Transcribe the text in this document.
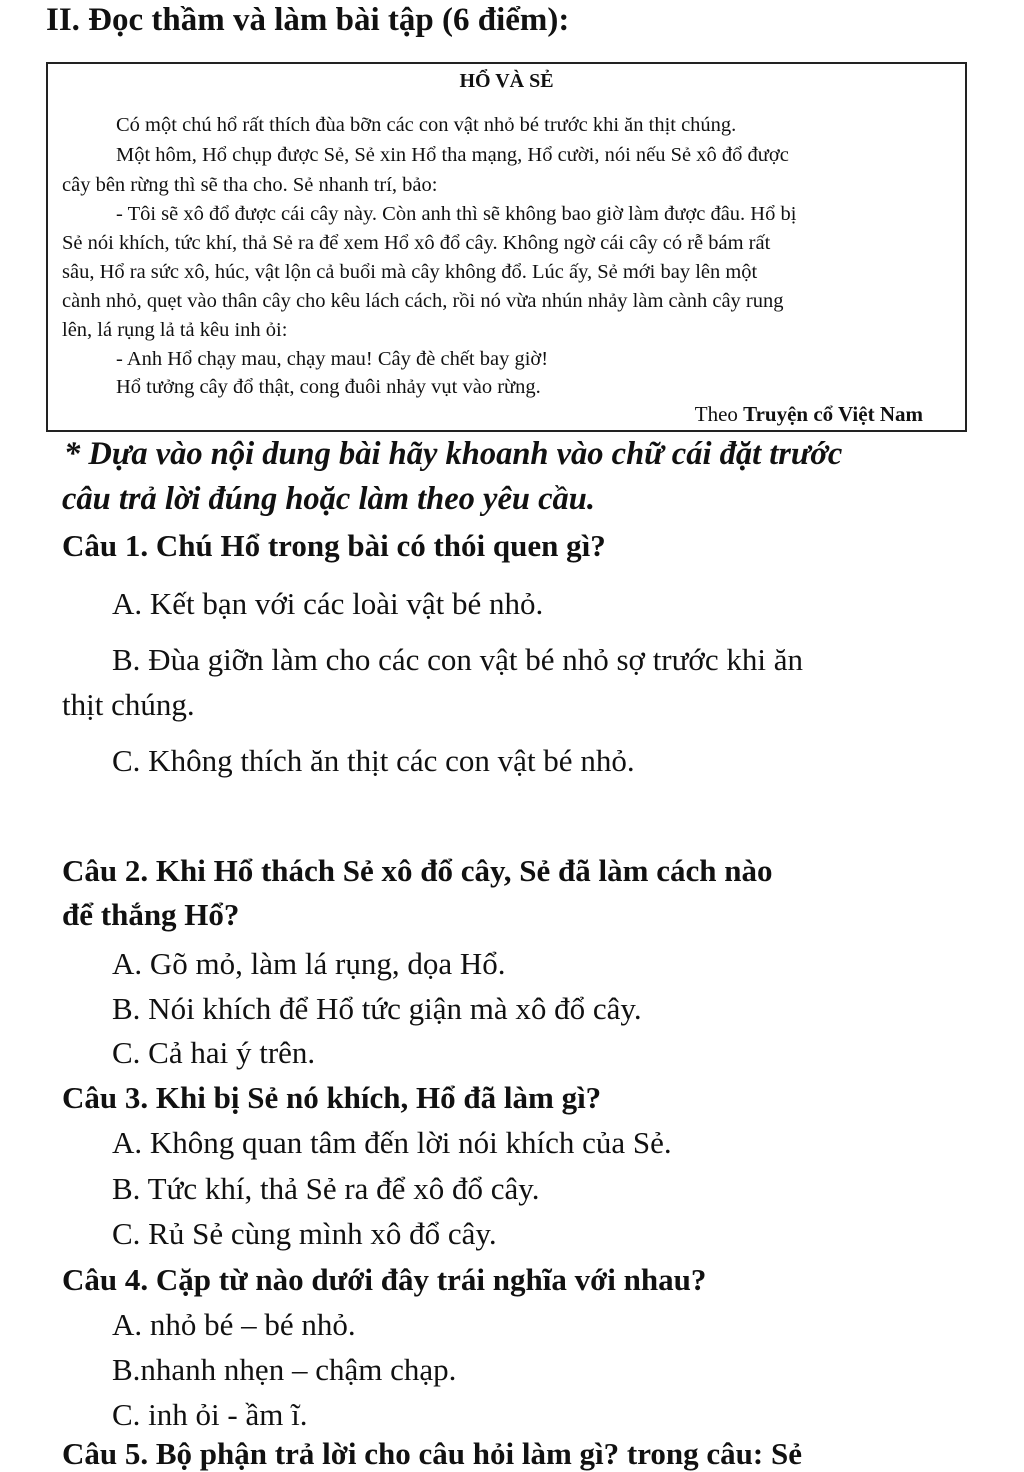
II. Đọc thầm và làm bài tập (6 điểm):
HỔ VÀ SẺ
Có một chú hổ rất thích đùa bỡn các con vật nhỏ bé trước khi ăn thịt chúng.
Một hôm, Hổ chụp được Sẻ, Sẻ xin Hổ tha mạng, Hổ cười, nói nếu Sẻ xô đổ được
cây bên rừng thì sẽ tha cho. Sẻ nhanh trí, bảo:
- Tôi sẽ xô đổ được cái cây này. Còn anh thì sẽ không bao giờ làm được đâu. Hổ bị
Sẻ nói khích, tức khí, thả Sẻ ra để xem Hổ xô đổ cây. Không ngờ cái cây có rễ bám rất
sâu, Hổ ra sức xô, húc, vật lộn cả buổi mà cây không đổ. Lúc ấy, Sẻ mới bay lên một
cành nhỏ, quẹt vào thân cây cho kêu lách cách, rồi nó vừa nhún nhảy làm cành cây rung
lên, lá rụng lả tả kêu inh ỏi:
- Anh Hổ chạy mau, chạy mau! Cây đè chết bay giờ!
Hổ tưởng cây đổ thật, cong đuôi nhảy vụt vào rừng.
Theo Truyện cổ Việt Nam
* Dựa vào nội dung bài hãy khoanh vào chữ cái đặt trước
câu trả lời đúng hoặc làm theo yêu cầu.
Câu 1. Chú Hổ trong bài có thói quen gì?
A. Kết bạn với các loài vật bé nhỏ.
B. Đùa giỡn làm cho các con vật bé nhỏ sợ trước khi ăn
thịt chúng.
C. Không thích ăn thịt các con vật bé nhỏ.
Câu 2. Khi Hổ thách Sẻ xô đổ cây, Sẻ đã làm cách nào
để thắng Hổ?
A. Gõ mỏ, làm lá rụng, dọa Hổ.
B. Nói khích để Hổ tức giận mà xô đổ cây.
C. Cả hai ý trên.
Câu 3. Khi bị Sẻ nó khích, Hổ đã làm gì?
A. Không quan tâm đến lời nói khích của Sẻ.
B. Tức khí, thả Sẻ ra để xô đổ cây.
C. Rủ Sẻ cùng mình xô đổ cây.
Câu 4. Cặp từ nào dưới đây trái nghĩa với nhau?
A. nhỏ bé – bé nhỏ.
B.nhanh nhẹn – chậm chạp.
C. inh ỏi - ầm ĩ.
Câu 5. Bộ phận trả lời cho câu hỏi làm gì? trong câu: Sẻ
